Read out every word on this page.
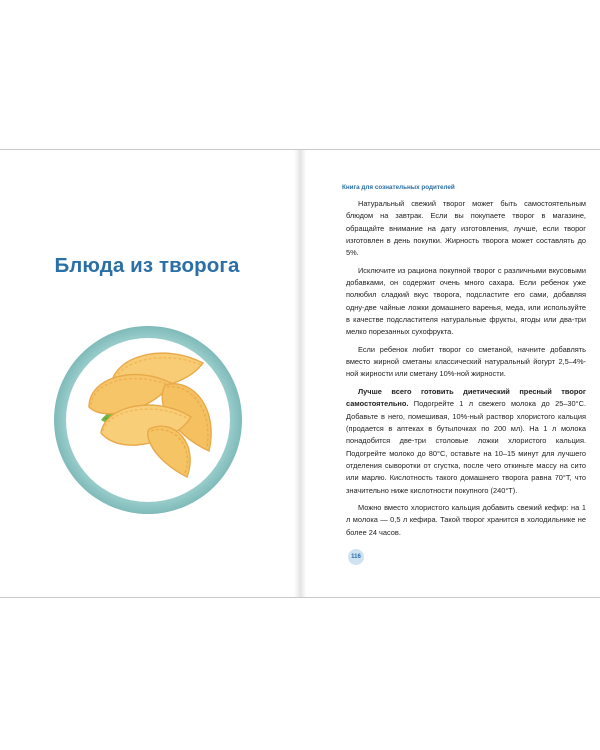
Блюда из творога
Книга для сознательных родителей

Натуральный свежий творог может быть самостоятельным блюдом на завтрак. Если вы покупаете творог в магазине, обращайте внимание на дату изготовления, лучше, если творог изготовлен в день покупки. Жирность творога может составлять до 5%.

Исключите из рациона покупной творог с различными вкусовыми добавками, он содержит очень много сахара. Если ребенок уже полюбил сладкий вкус творога, подсластите его сами, добавляя одну-две чайные ложки домашнего варенья, меда, или используйте в качестве подсластителя натуральные фрукты, ягоды или два-три мелко порезанных сухофрукта.

Если ребенок любит творог со сметаной, начните добавлять вместо жирной сметаны классический натуральный йогурт 2,5–4%-ной жирности или сметану 10%-ной жирности.

Лучше всего готовить диетический пресный творог самостоятельно. Подогрейте 1 л свежего молока до 25–30°С. Добавьте в него, помешивая, 10%-ный раствор хлористого кальция (продается в аптеках в бутылочках по 200 мл). На 1 л молока понадобится две-три столовые ложки хлористого кальция. Подогрейте молоко до 80°С, оставьте на 10–15 минут для лучшего отделения сыворотки от сгустка, после чего откиньте массу на сито или марлю. Кислотность такого домашнего творога равна 70°Т, что значительно ниже кислотности покупного (240°Т).

Можно вместо хлористого кальция добавить свежий кефир: на 1 л молока — 0,5 л кефира. Такой творог хранится в холодильнике не более 24 часов.

116
